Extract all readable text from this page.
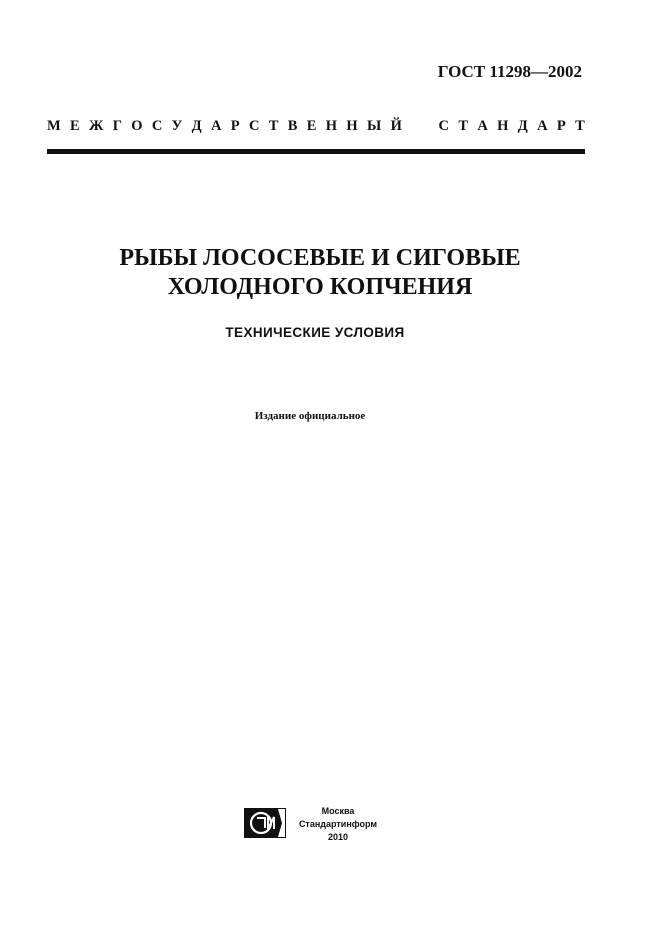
ГОСТ 11298—2002
М Е Ж Г О С У Д А Р С Т В Е Н Н Ы Й	С Т А Н Д А Р Т
РЫБЫ ЛОСОСЕВЫЕ И СИГОВЫЕ
ХОЛОДНОГО КОПЧЕНИЯ
ТЕХНИЧЕСКИЕ УСЛОВИЯ
Издание официальное
Москва
Стандартинформ
2010
